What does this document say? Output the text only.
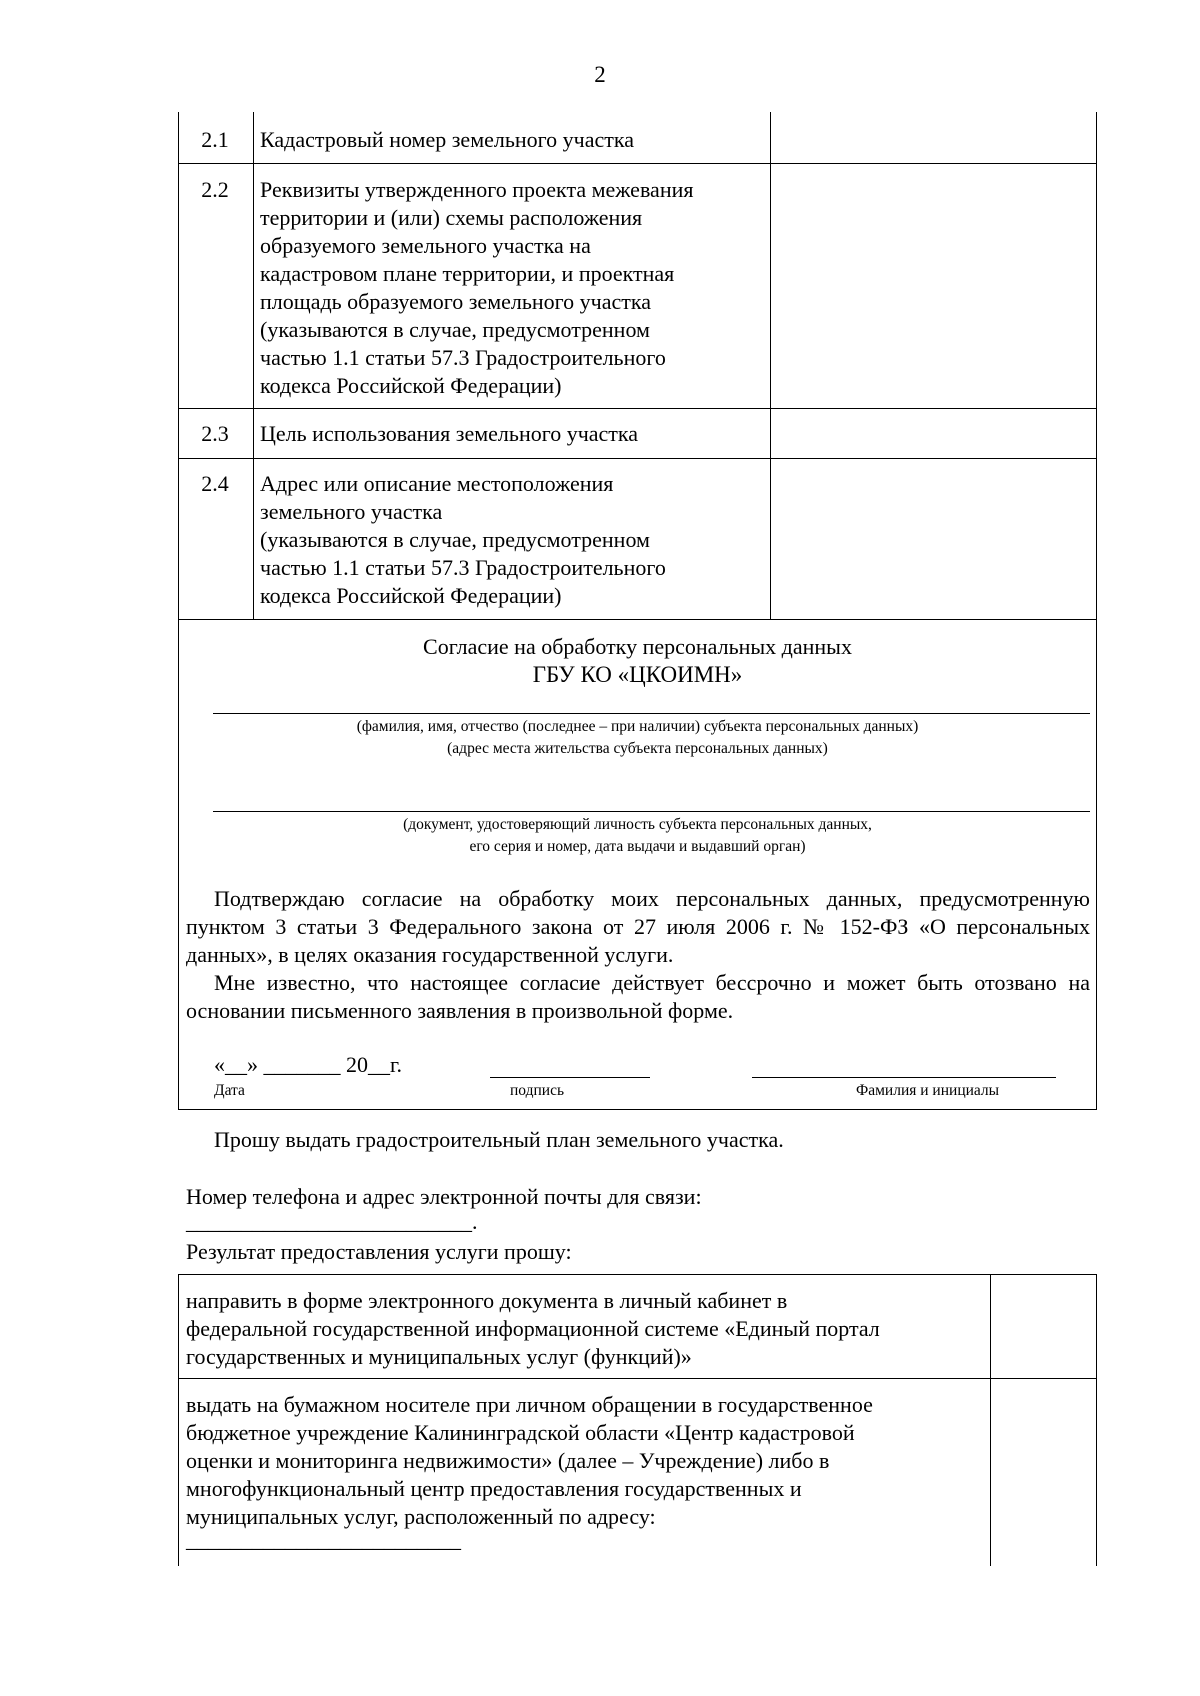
2
2.1	Кадастровый номер земельного участка
2.2	Реквизиты утвержденного проекта межевания
территории и (или) схемы расположения
образуемого земельного участка на
кадастровом плане территории, и проектная
площадь образуемого земельного участка
(указываются в случае, предусмотренном
частью 1.1 статьи 57.3 Градостроительного
кодекса Российской Федерации)
2.3	Цель использования земельного участка
2.4	Адрес или описание местоположения
земельного участка
(указываются в случае, предусмотренном
частью 1.1 статьи 57.3 Градостроительного
кодекса Российской Федерации)
Согласие на обработку персональных данных
ГБУ КО «ЦКОИМН»
(фамилия, имя, отчество (последнее – при наличии) субъекта персональных данных)
(адрес места жительства субъекта персональных данных)
(документ, удостоверяющий личность субъекта персональных данных,
его серия и номер, дата выдачи и выдавший орган)
Подтверждаю согласие на обработку моих персональных данных, предусмотренную пунктом 3 статьи 3 Федерального закона от 27 июля 2006 г. № 152-ФЗ «О персональных данных», в целях оказания государственной услуги.
Мне известно, что настоящее согласие действует бессрочно и может быть отозвано на основании письменного заявления в произвольной форме.
«__» _______ 20__г.
Дата	подпись	Фамилия и инициалы
Прошу выдать градостроительный план земельного участка.
Номер телефона и адрес электронной почты для связи:
__________________________.
Результат предоставления услуги прошу:
направить в форме электронного документа в личный кабинет в
федеральной государственной информационной системе «Единый портал
государственных и муниципальных услуг (функций)»
выдать на бумажном носителе при личном обращении в государственное
бюджетное учреждение Калининградской области «Центр кадастровой
оценки и мониторинга недвижимости» (далее – Учреждение) либо в
многофункциональный центр предоставления государственных и
муниципальных услуг, расположенный по адресу:
_________________________
